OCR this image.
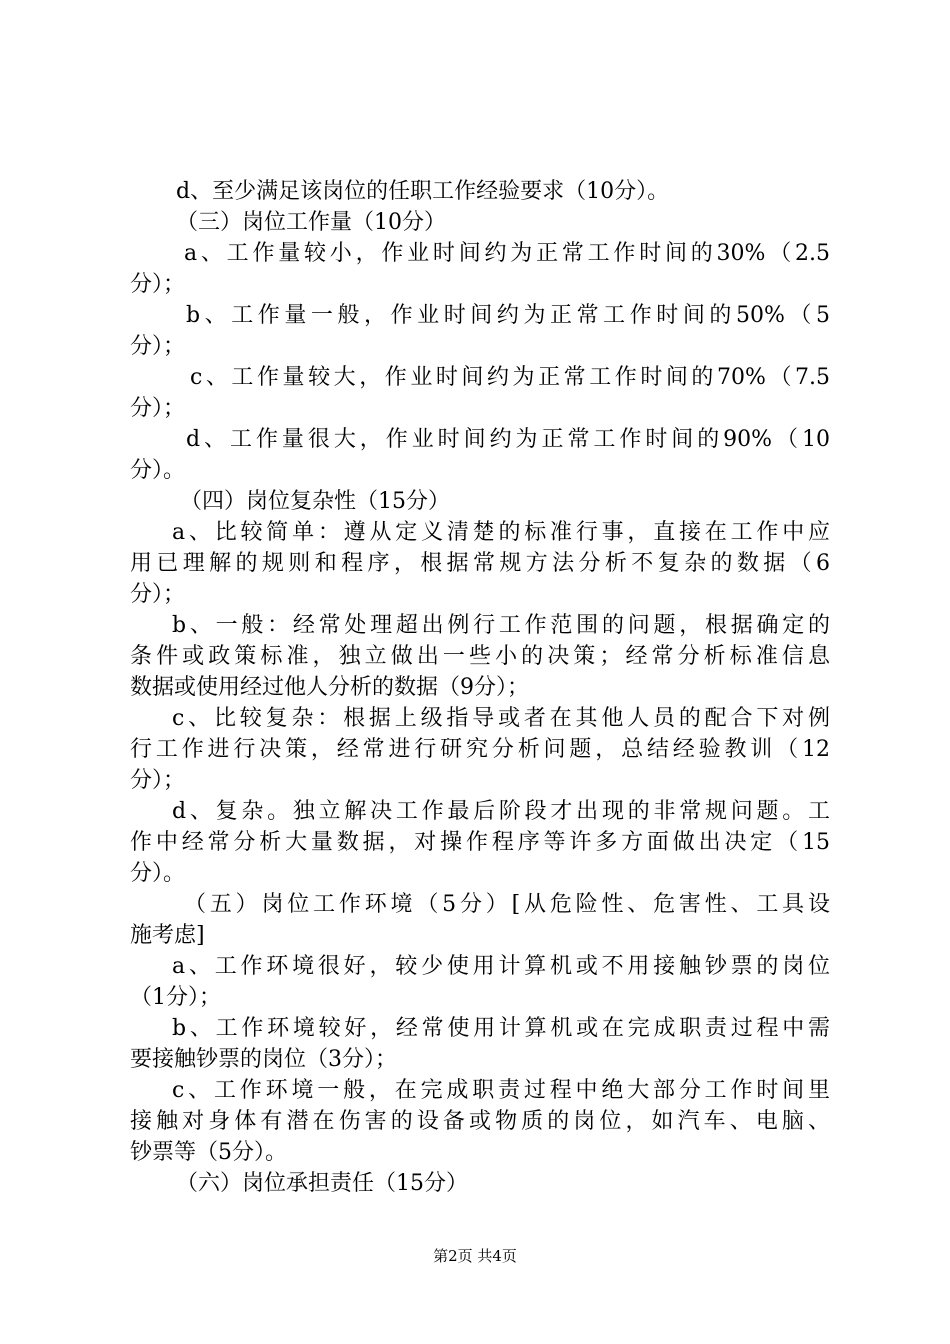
d、至少满足该岗位的任职工作经验要求（10分）。
（三）岗位工作量（10分）
a、工作量较小，作业时间约为正常工作时间的30%（2.5
分）；
b、工作量一般，作业时间约为正常工作时间的50%（5
分）；
c、工作量较大，作业时间约为正常工作时间的70%（7.5
分）；
d、工作量很大，作业时间约为正常工作时间的90%（10
分）。
（四）岗位复杂性（15分）
a、比较简单：遵从定义清楚的标准行事，直接在工作中应
用已理解的规则和程序，根据常规方法分析不复杂的数据（6
分）；
b、一般：经常处理超出例行工作范围的问题，根据确定的
条件或政策标准，独立做出一些小的决策；经常分析标准信息
数据或使用经过他人分析的数据（9分）；
c、比较复杂：根据上级指导或者在其他人员的配合下对例
行工作进行决策，经常进行研究分析问题，总结经验教训（12
分）；
d、复杂。独立解决工作最后阶段才出现的非常规问题。工
作中经常分析大量数据，对操作程序等许多方面做出决定（15
分）。
（五）岗位工作环境（5分）[从危险性、危害性、工具设
施考虑]
a、工作环境很好，较少使用计算机或不用接触钞票的岗位
（1分）；
b、工作环境较好，经常使用计算机或在完成职责过程中需
要接触钞票的岗位（3分）；
c、工作环境一般，在完成职责过程中绝大部分工作时间里
接触对身体有潜在伤害的设备或物质的岗位，如汽车、电脑、
钞票等（5分）。
（六）岗位承担责任（15分）
第2页 共4页
